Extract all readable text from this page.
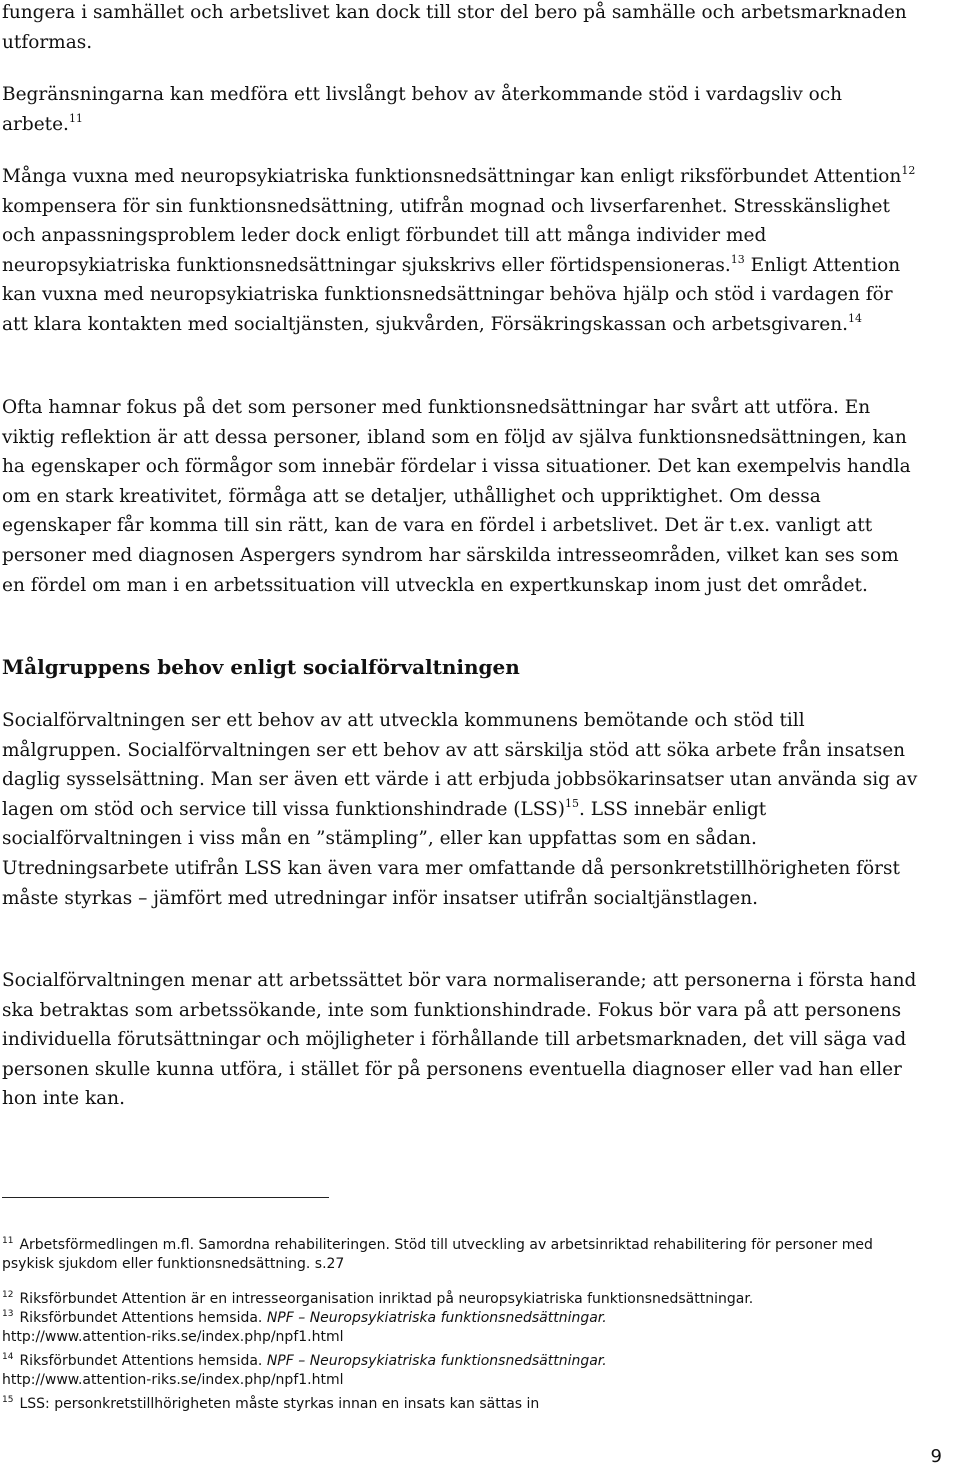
fungera i samhället och arbetslivet kan dock till stor del bero på samhälle och arbetsmarknaden utformas.

Begränsningarna kan medföra ett livslångt behov av återkommande stöd i vardagsliv och arbete.$^{11}$

Många vuxna med neuropsykiatriska funktionsnedsättningar kan enligt riksförbundet Attention$^{12}$ kompensera för sin funktionsnedsättning, utifrån mognad och livserfarenhet. Stresskänslighet och anpassningsproblem leder dock enligt förbundet till att många individer med neuropsykiatriska funktionsnedsättningar sjukskrivs eller förtidspensioneras.$^{13}$ Enligt Attention kan vuxna med neuropsykiatriska funktionsnedsättningar behöva hjälp och stöd i vardagen för att klara kontakten med socialtjänsten, sjukvården, Försäkringskassan och arbetsgivaren.$^{14}$

Ofta hamnar fokus på det som personer med funktionsnedsättningar har svårt att utföra. En viktig reflektion är att dessa personer, ibland som en följd av själva funktionsnedsättningen, kan ha egenskaper och förmågor som innebär fördelar i vissa situationer. Det kan exempelvis handla om en stark kreativitet, förmåga att se detaljer, uthållighet och uppriktighet. Om dessa egenskaper får komma till sin rätt, kan de vara en fördel i arbetslivet. Det är t.ex. vanligt att personer med diagnosen Aspergers syndrom har särskilda intresseområden, vilket kan ses som en fördel om man i en arbetssituation vill utveckla en expertkunskap inom just det området.

Målgruppens behov enligt socialförvaltningen

Socialförvaltningen ser ett behov av att utveckla kommunens bemötande och stöd till målgruppen. Socialförvaltningen ser ett behov av att särskilja stöd att söka arbete från insatsen daglig sysselsättning. Man ser även ett värde i att erbjuda jobbsökarinsatser utan använda sig av lagen om stöd och service till vissa funktionshindrade (LSS)$^{15}$. LSS innebär enligt socialförvaltningen i viss mån en ”stämpling”, eller kan uppfattas som en sådan. Utredningsarbete utifrån LSS kan även vara mer omfattande då personkretstillhörigheten först måste styrkas – jämfört med utredningar inför insatser utifrån socialtjänstlagen.

Socialförvaltningen menar att arbetssättet bör vara normaliserande; att personerna i första hand ska betraktas som arbetssökande, inte som funktionshindrade. Fokus bör vara på att personens individuella förutsättningar och möjligheter i förhållande till arbetsmarknaden, det vill säga vad personen skulle kunna utföra, i stället för på personens eventuella diagnoser eller vad han eller hon inte kan.

$^{11}$ Arbetsförmedlingen m.fl. Samordna rehabiliteringen. Stöd till utveckling av arbetsinriktad rehabilitering för personer med psykisk sjukdom eller funktionsnedsättning. s.27

$^{12}$ Riksförbundet Attention är en intresseorganisation inriktad på neuropsykiatriska funktionsnedsättningar.

$^{13}$ Riksförbundet Attentions hemsida. NPF – Neuropsykiatriska funktionsnedsättningar.
http://www.attention-riks.se/index.php/npf1.html

$^{14}$ Riksförbundet Attentions hemsida. NPF – Neuropsykiatriska funktionsnedsättningar.
http://www.attention-riks.se/index.php/npf1.html

$^{15}$ LSS: personkretstillhörigheten måste styrkas innan en insats kan sättas in

9
